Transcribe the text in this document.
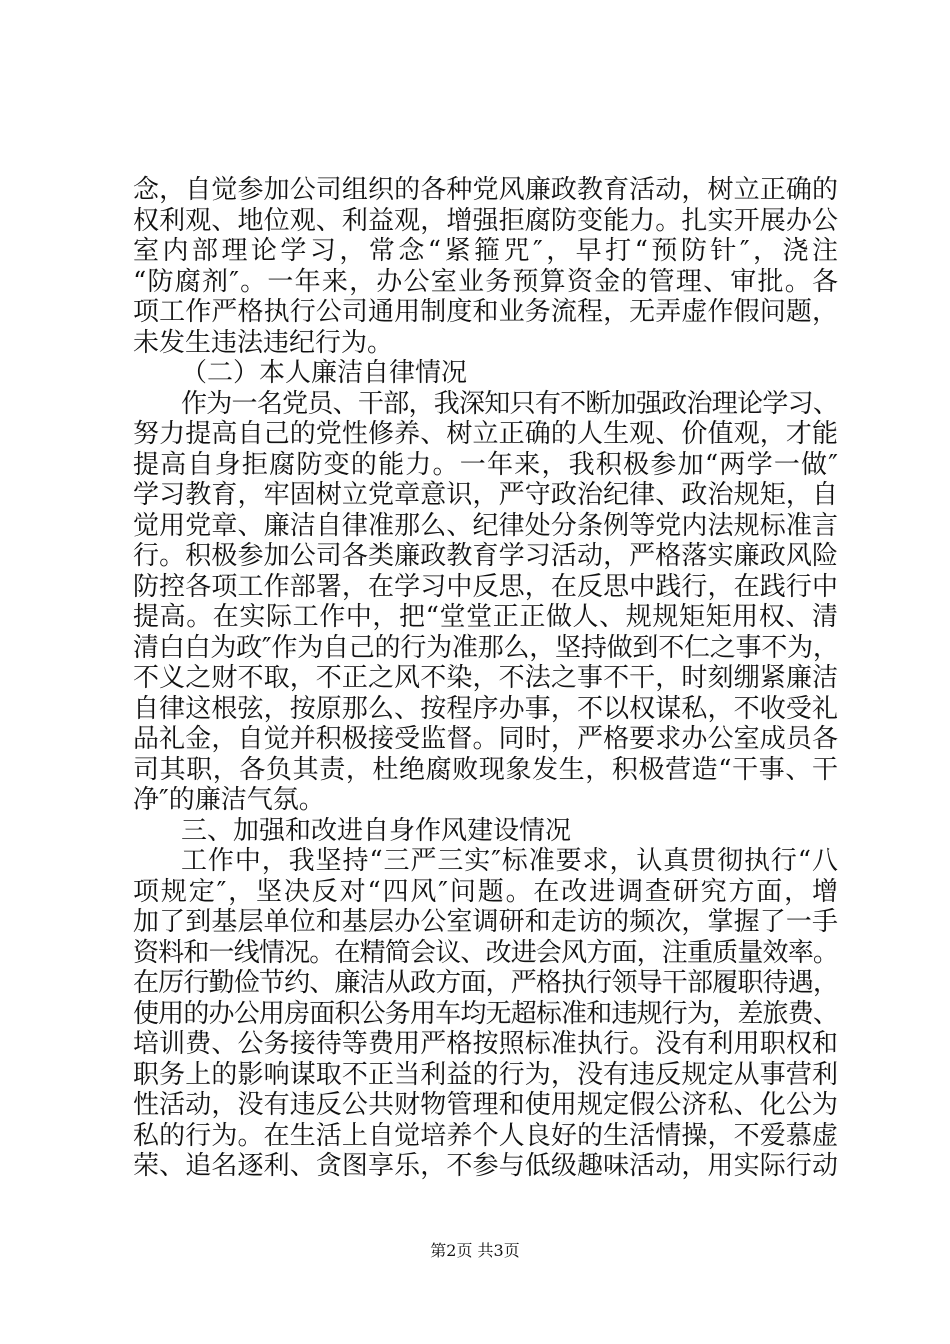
念，自觉参加公司组织的各种党风廉政教育活动，树立正确的
权利观、地位观、利益观，增强拒腐防变能力。扎实开展办公
室内部理论学习，常念“紧箍咒″，早打“预防针″，浇注
“防腐剂″。一年来，办公室业务预算资金的管理、审批。各
项工作严格执行公司通用制度和业务流程，无弄虚作假问题，
未发生违法违纪行为。
（二）本人廉洁自律情况
作为一名党员、干部，我深知只有不断加强政治理论学习、
努力提高自己的党性修养、树立正确的人生观、价值观，才能
提高自身拒腐防变的能力。一年来，我积极参加“两学一做″
学习教育，牢固树立党章意识，严守政治纪律、政治规矩，自
觉用党章、廉洁自律准那么、纪律处分条例等党内法规标准言
行。积极参加公司各类廉政教育学习活动，严格落实廉政风险
防控各项工作部署，在学习中反思，在反思中践行，在践行中
提高。在实际工作中，把“堂堂正正做人、规规矩矩用权、清
清白白为政″作为自己的行为准那么，坚持做到不仁之事不为，
不义之财不取，不正之风不染，不法之事不干，时刻绷紧廉洁
自律这根弦，按原那么、按程序办事，不以权谋私，不收受礼
品礼金，自觉并积极接受监督。同时，严格要求办公室成员各
司其职，各负其责，杜绝腐败现象发生，积极营造“干事、干
净″的廉洁气氛。
三、加强和改进自身作风建设情况
工作中，我坚持“三严三实″标准要求，认真贯彻执行“八
项规定″，坚决反对“四风″问题。在改进调查研究方面，增
加了到基层单位和基层办公室调研和走访的频次，掌握了一手
资料和一线情况。在精简会议、改进会风方面，注重质量效率。
在厉行勤俭节约、廉洁从政方面，严格执行领导干部履职待遇，
使用的办公用房面积公务用车均无超标准和违规行为，差旅费、
培训费、公务接待等费用严格按照标准执行。没有利用职权和
职务上的影响谋取不正当利益的行为，没有违反规定从事营利
性活动，没有违反公共财物管理和使用规定假公济私、化公为
私的行为。在生活上自觉培养个人良好的生活情操，不爱慕虚
荣、追名逐利、贪图享乐，不参与低级趣味活动，用实际行动
第2页 共3页
